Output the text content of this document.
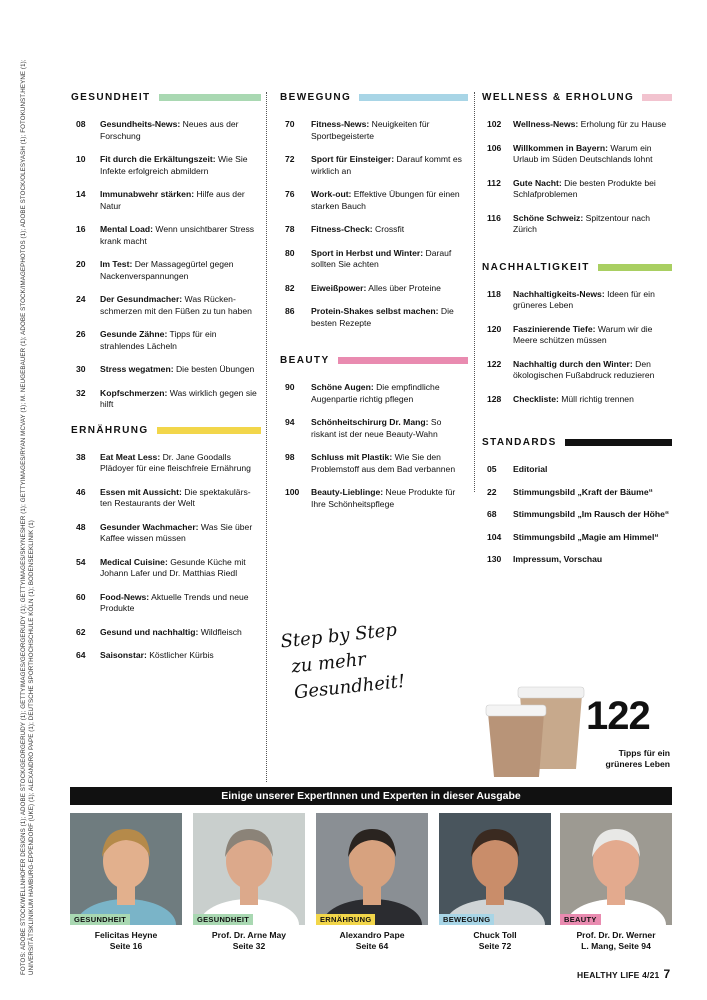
FOTOS: ADOBE STOCK/WELLNHOFER DESIGNS (1); ADOBE STOCK/GEORGERUDY (1); GETTYIMAGES/GEORGERUDY (1); GETTYIMAGES/SKYNESHER (1); GETTYIMAGES/RYAN MCVAY (1); M. NEUGEBAUER (1); ADOBE STOCK/IMAGEPHOTOS (1); ADOBE STOCK/OLESYASH (1); FOTOKUNST.HEYNE (1); UNIVERSITÄTSKLINIKUM HAMBURG-EPPENDORF (UKE) (1); ALEXANDRO PAPE (1); DEUTSCHE SPORTHOCHSCHULE KÖLN (1); BODENSEEKLINIK (1)
GESUNDHEIT
08	Gesundheits-News: Neues aus der Forschung
10	Fit durch die Erkältungszeit: Wie Sie Infekte erfolgreich abmildern
14	Immunabwehr stärken: Hilfe aus der Natur
16	Mental Load: Wenn unsichtbarer Stress krank macht
20	Im Test: Der Massagegürtel gegen Nackenverspannungen
24	Der Gesundmacher: Was Rücken- schmerzen mit den Füßen zu tun haben
26	Gesunde Zähne: Tipps für ein strahlendes Lächeln
30	Stress wegatmen: Die besten Übungen
32	Kopfschmerzen: Was wirklich gegen sie hilft
ERNÄHRUNG
38	Eat Meat Less: Dr. Jane Goodalls Plädoyer für eine fleischfreie Ernährung
46	Essen mit Aussicht: Die spektakulärs- ten Restaurants der Welt
48	Gesunder Wachmacher: Was Sie über Kaffee wissen müssen
54	Medical Cuisine: Gesunde Küche mit Johann Lafer und Dr. Matthias Riedl
60	Food-News: Aktuelle Trends und neue Produkte
62	Gesund und nachhaltig: Wildfleisch
64	Saisonstar: Köstlicher Kürbis
BEWEGUNG
70	Fitness-News: Neuigkeiten für Sportbegeisterte
72	Sport für Einsteiger: Darauf kommt es wirklich an
76	Work-out: Effektive Übungen für einen starken Bauch
78	Fitness-Check: Crossfit
80	Sport in Herbst und Winter: Darauf sollten Sie achten
82	Eiweißpower: Alles über Proteine
86	Protein-Shakes selbst machen: Die besten Rezepte
BEAUTY
90	Schöne Augen: Die empfindliche Augenpartie richtig pflegen
94	Schönheitschirurg Dr. Mang: So riskant ist der neue Beauty-Wahn
98	Schluss mit Plastik: Wie Sie den Problemstoff aus dem Bad verbannen
100	Beauty-Lieblinge: Neue Produkte für Ihre Schönheitspflege
WELLNESS & ERHOLUNG
102	Wellness-News: Erholung für zu Hause
106	Willkommen in Bayern: Warum ein Urlaub im Süden Deutschlands lohnt
112	Gute Nacht: Die besten Produkte bei Schlafproblemen
116	Schöne Schweiz: Spitzentour nach Zürich
NACHHALTIGKEIT
118	Nachhaltigkeits-News: Ideen für ein grüneres Leben
120	Faszinierende Tiefe: Warum wir die Meere schützen müssen
122	Nachhaltig durch den Winter: Den ökologischen Fußabdruck reduzieren
128	Checkliste: Müll richtig trennen
STANDARDS
05	Editorial
22	Stimmungsbild „Kraft der Bäume“
68	Stimmungsbild „Im Rausch der Höhe“
104	Stimmungsbild „Magie am Himmel“
130	Impressum, Vorschau
Step by Step
zu mehr Gesundheit!
122
Tipps für ein grüneres Leben
Einige unserer ExpertInnen und Experten in dieser Ausgabe
GESUNDHEIT
Felicitas Heyne
Seite 16
GESUNDHEIT
Prof. Dr. Arne May
Seite 32
ERNÄHRUNG
Alexandro Pape
Seite 64
BEWEGUNG
Chuck Toll
Seite 72
BEAUTY
Prof. Dr. Dr. Werner
L. Mang, Seite 94
HEALTHY LIFE 4/21 7
